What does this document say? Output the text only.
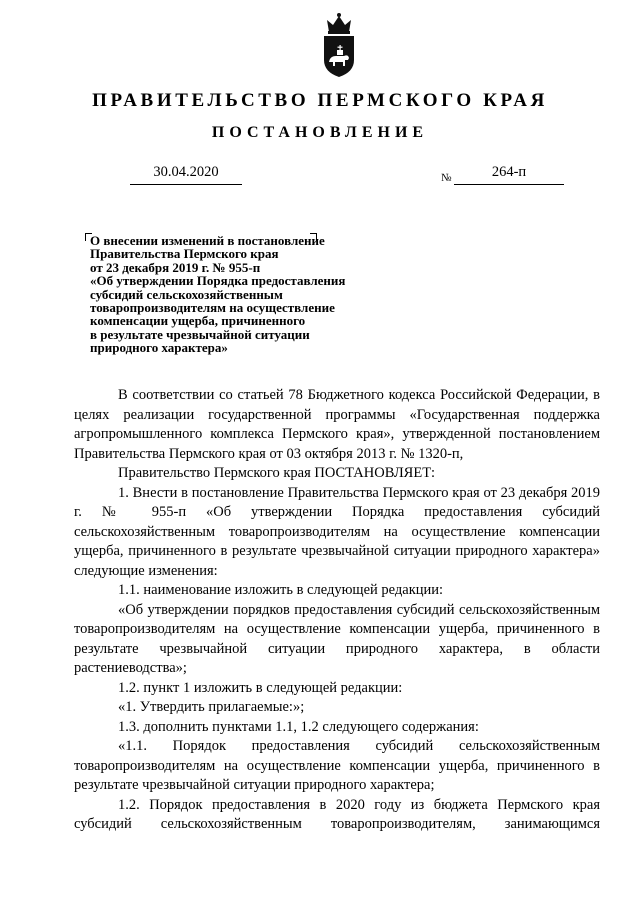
ПРАВИТЕЛЬСТВО ПЕРМСКОГО КРАЯ
ПОСТАНОВЛЕНИЕ
30.04.2020	№	264-п
О внесении изменений в постановление
Правительства Пермского края
от 23 декабря 2019 г. № 955-п
«Об утверждении Порядка предоставления
субсидий сельскохозяйственным
товаропроизводителям на осуществление
компенсации ущерба, причиненного
в результате чрезвычайной ситуации
природного характера»

В соответствии со статьей 78 Бюджетного кодекса Российской Федерации, в целях реализации государственной программы «Государственная поддержка агропромышленного комплекса Пермского края», утвержденной постановлением Правительства Пермского края от 03 октября 2013 г. № 1320-п,

Правительство Пермского края ПОСТАНОВЛЯЕТ:

1. Внести в постановление Правительства Пермского края от 23 декабря 2019 г. № 955-п «Об утверждении Порядка предоставления субсидий сельскохозяйственным товаропроизводителям на осуществление компенсации ущерба, причиненного в результате чрезвычайной ситуации природного характера» следующие изменения:

1.1. наименование изложить в следующей редакции:

«Об утверждении порядков предоставления субсидий сельскохозяйственным товаропроизводителям на осуществление компенсации ущерба, причиненного в результате чрезвычайной ситуации природного характера, в области растениеводства»;

1.2. пункт 1 изложить в следующей редакции:

«1. Утвердить прилагаемые:»;

1.3. дополнить пунктами 1.1, 1.2 следующего содержания:

«1.1. Порядок предоставления субсидий сельскохозяйственным товаропроизводителям на осуществление компенсации ущерба, причиненного в результате чрезвычайной ситуации природного характера;

1.2. Порядок предоставления в 2020 году из бюджета Пермского края субсидий сельскохозяйственным товаропроизводителям, занимающимся
